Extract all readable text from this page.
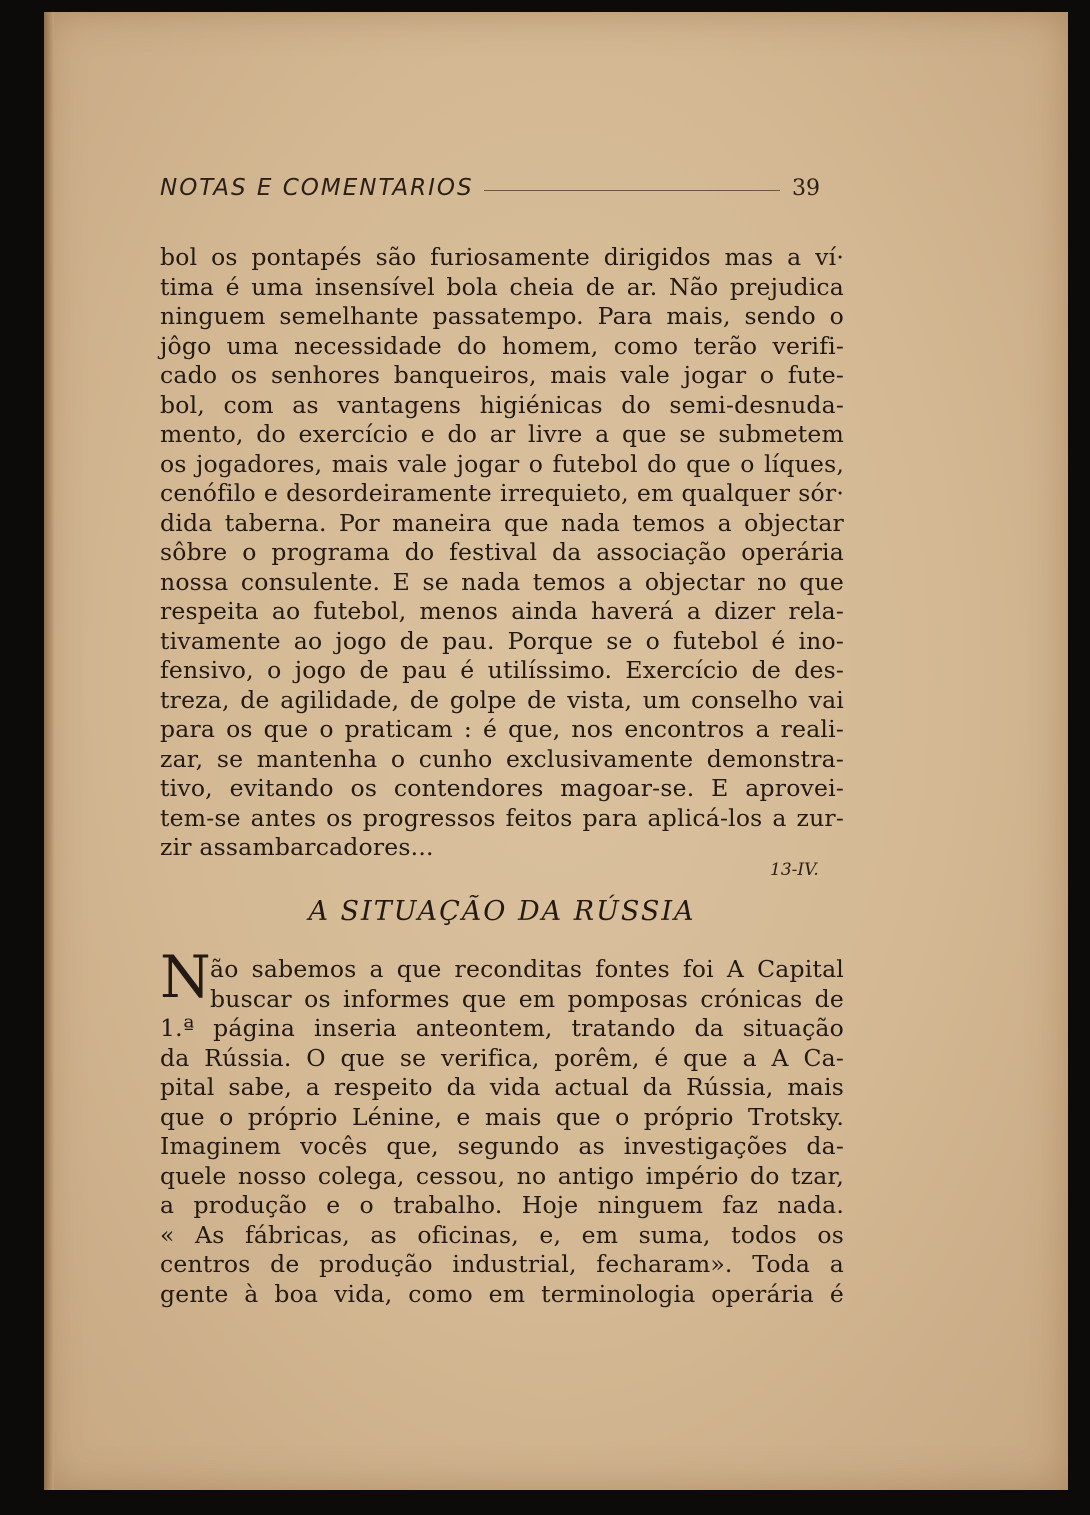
NOTAS E COMENTARIOS	39
bol os pontapés são furiosamente dirigidos mas a ví·
tima é uma insensível bola cheia de ar. Não prejudica
ninguem semelhante passatempo. Para mais, sendo o
jôgo uma necessidade do homem, como terão verifi-
cado os senhores banqueiros, mais vale jogar o fute-
bol, com as vantagens higiénicas do semi-desnuda-
mento, do exercício e do ar livre a que se submetem
os jogadores, mais vale jogar o futebol do que o líques,
cenófilo e desordeiramente irrequieto, em qualquer sór·
dida taberna. Por maneira que nada temos a objectar
sôbre o programa do festival da associação operária
nossa consulente. E se nada temos a objectar no que
respeita ao futebol, menos ainda haverá a dizer rela-
tivamente ao jogo de pau. Porque se o futebol é ino-
fensivo, o jogo de pau é utilíssimo. Exercício de des-
treza, de agilidade, de golpe de vista, um conselho vai
para os que o praticam : é que, nos encontros a reali-
zar, se mantenha o cunho exclusivamente demonstra-
tivo, evitando os contendores magoar-se. E aprovei-
tem-se antes os progressos feitos para aplicá-los a zur-
zir assambarcadores...
13-IV.
A SITUAÇÃO DA RÚSSIA
N ão sabemos a que reconditas fontes foi A Capital
buscar os informes que em pomposas crónicas de
1.ª página inseria anteontem, tratando da situação
da Rússia. O que se verifica, porêm, é que a A Ca-
pital sabe, a respeito da vida actual da Rússia, mais
que o próprio Lénine, e mais que o próprio Trotsky.
Imaginem vocês que, segundo as investigações da-
quele nosso colega, cessou, no antigo império do tzar,
a produção e o trabalho. Hoje ninguem faz nada.
« As fábricas, as oficinas, e, em suma, todos os
centros de produção industrial, fecharam». Toda a
gente à boa vida, como em terminologia operária é
